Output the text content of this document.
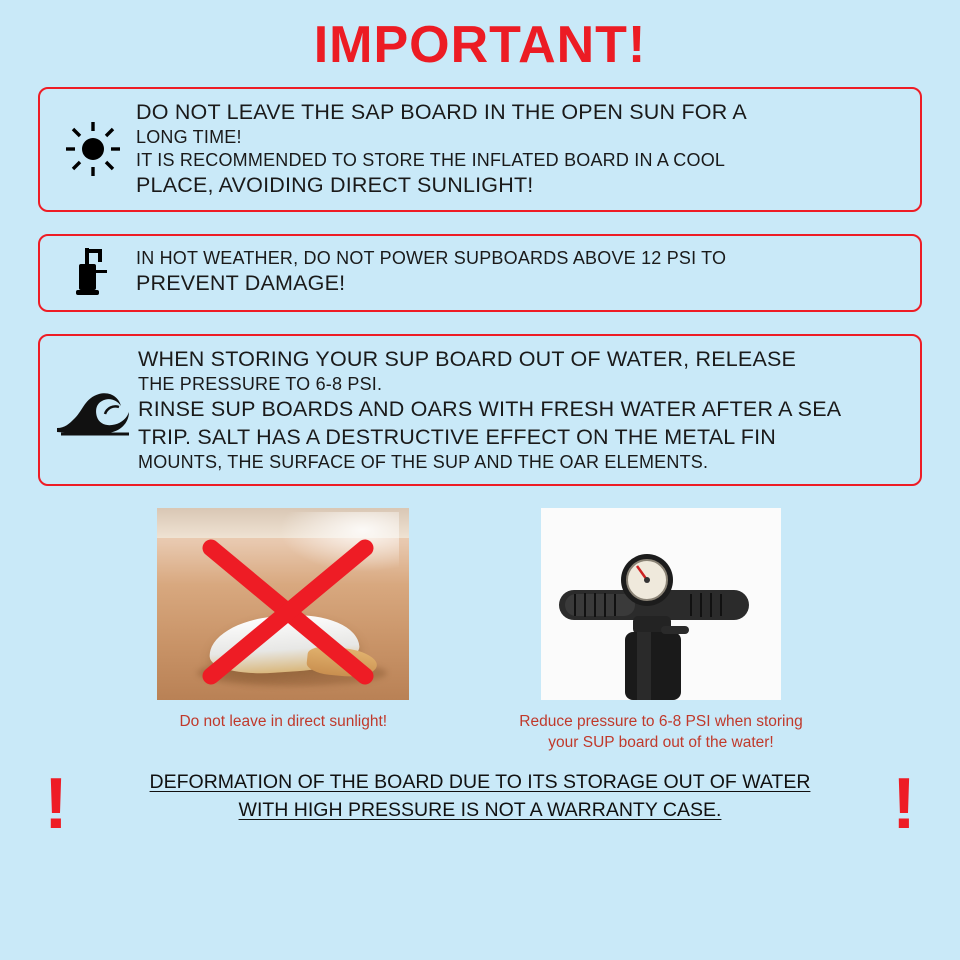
IMPORTANT!

DO NOT LEAVE THE SAP BOARD IN THE OPEN SUN FOR A

LONG TIME!

IT IS RECOMMENDED TO STORE THE INFLATED BOARD IN A COOL

PLACE, AVOIDING DIRECT SUNLIGHT!

IN HOT WEATHER, DO NOT POWER SUPBOARDS ABOVE 12 PSI TO

PREVENT DAMAGE!

WHEN STORING YOUR SUP BOARD OUT OF WATER, RELEASE

THE PRESSURE TO 6-8 PSI.

RINSE SUP BOARDS AND OARS WITH FRESH WATER AFTER A SEA

TRIP. SALT HAS A DESTRUCTIVE EFFECT ON THE METAL FIN

MOUNTS, THE SURFACE OF THE SUP AND THE OAR ELEMENTS.

Do not leave in direct sunlight!	Reduce pressure to 6-8 PSI when storing
your SUP board out of the water!
!	!
DEFORMATION OF THE BOARD DUE TO ITS STORAGE OUT OF WATER
WITH HIGH PRESSURE IS NOT A WARRANTY CASE.
